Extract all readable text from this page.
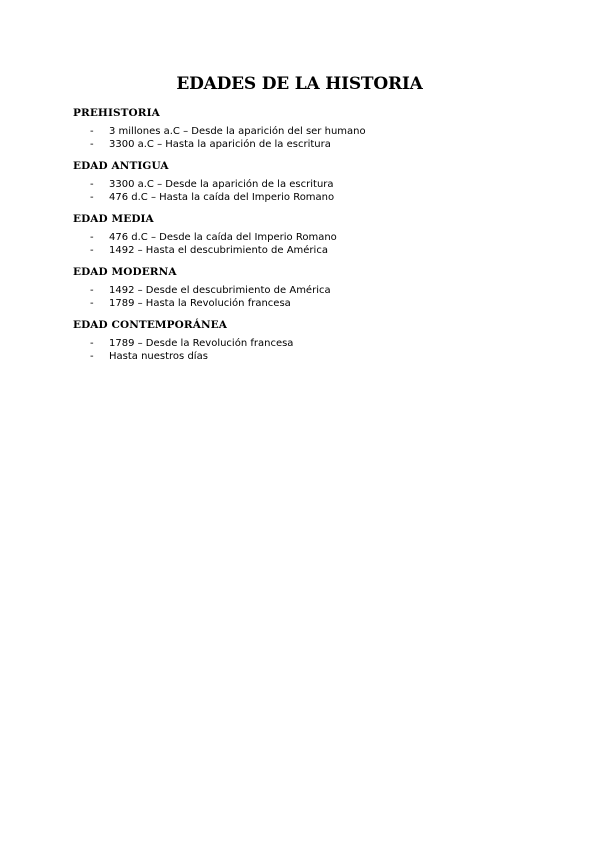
EDADES DE LA HISTORIA
PREHISTORIA
- 3 millones a.C – Desde la aparición del ser humano
- 3300 a.C – Hasta la aparición de la escritura
EDAD ANTIGUA
- 3300 a.C – Desde la aparición de la escritura
- 476 d.C – Hasta la caída del Imperio Romano
EDAD MEDIA
- 476 d.C – Desde la caída del Imperio Romano
- 1492 – Hasta el descubrimiento de América
EDAD MODERNA
- 1492 – Desde el descubrimiento de América
- 1789 – Hasta la Revolución francesa
EDAD CONTEMPORÁNEA
- 1789 – Desde la Revolución francesa
- Hasta nuestros días
